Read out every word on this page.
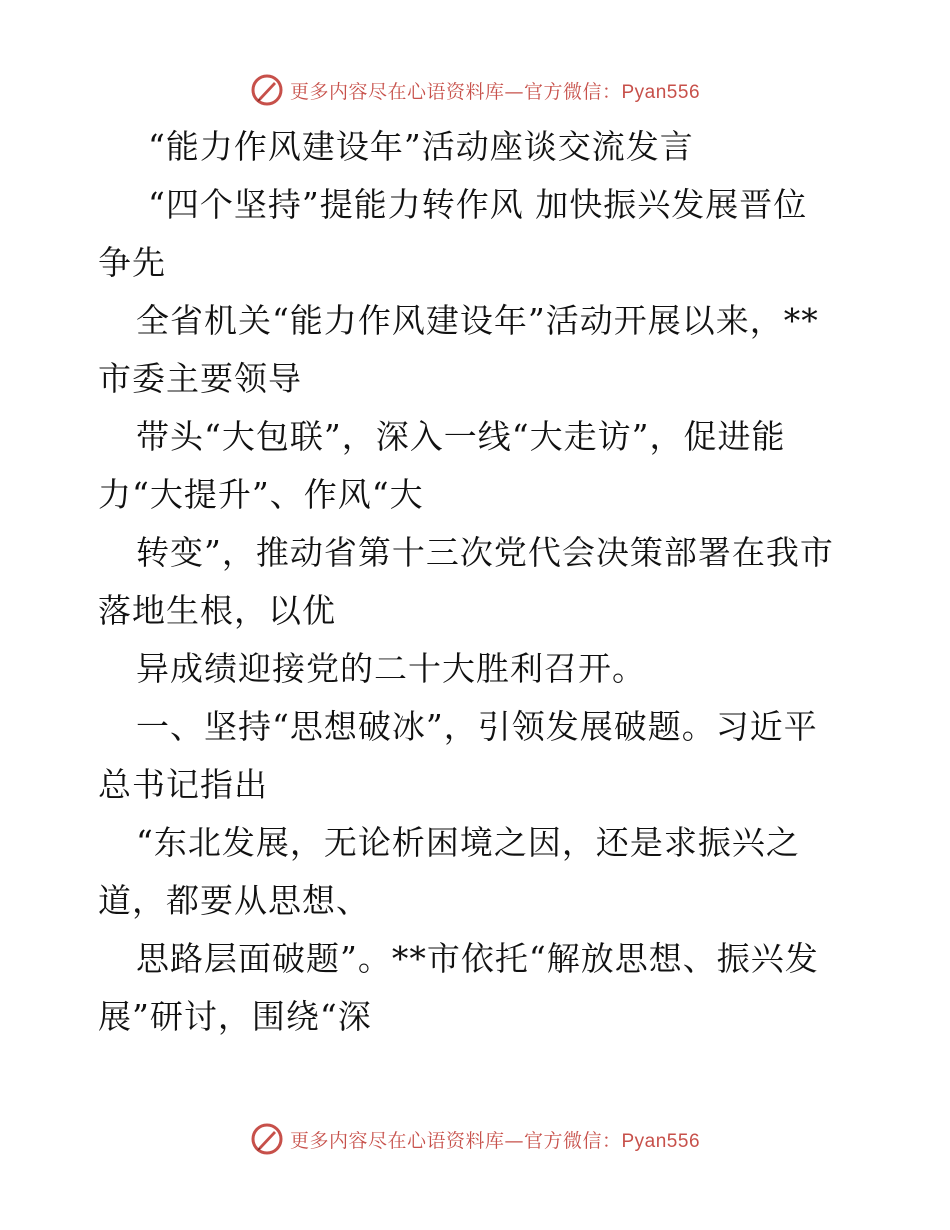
更多内容尽在心语资料库—官方微信：Pyan556
“能力作风建设年”活动座谈交流发言
“四个坚持”提能力转作风 加快振兴发展晋位
争先
全省机关“能力作风建设年”活动开展以来，**
市委主要领导
带头“大包联”，深入一线“大走访”，促进能
力“大提升”、作风“大
转变”，推动省第十三次党代会决策部署在我市
落地生根，以优
异成绩迎接党的二十大胜利召开。
一、坚持“思想破冰”，引领发展破题。习近平
总书记指出
“东北发展，无论析困境之因，还是求振兴之
道，都要从思想、
思路层面破题”。**市依托“解放思想、振兴发
展”研讨，围绕“深
更多内容尽在心语资料库—官方微信：Pyan556
